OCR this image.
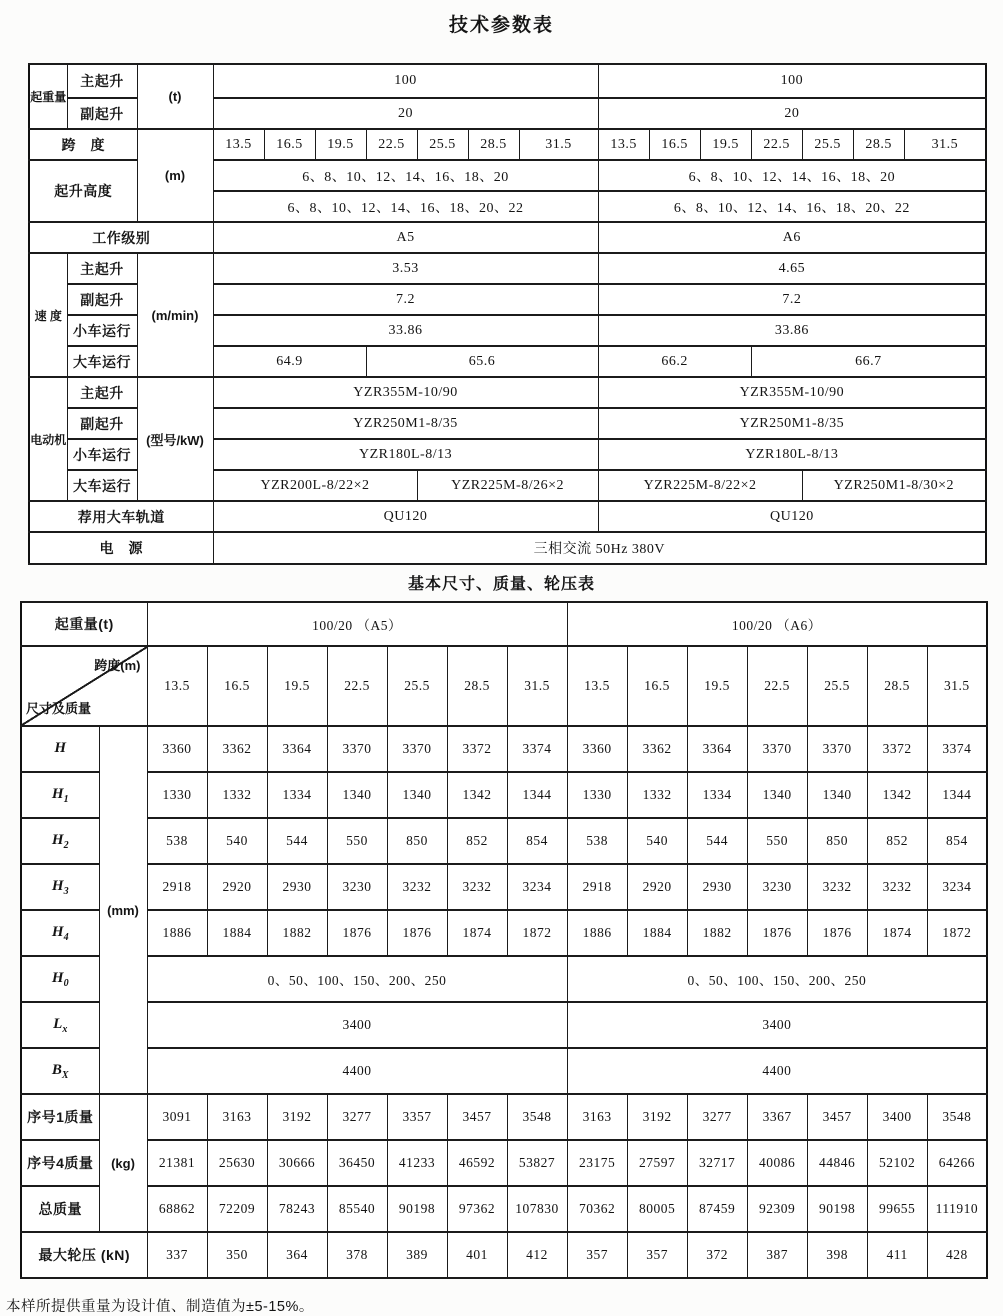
技术参数表
起重量	主起升	(t)	100							100						
	副起升		20							20						
跨　度		(m)	13.5	16.5	19.5	22.5	25.5	28.5	31.5	13.5	16.5	19.5	22.5	25.5	28.5	31.5
起升高度			6、8、10、12、14、16、18、20							6、8、10、12、14、16、18、20						
			6、8、10、12、14、16、18、20、22							6、8、10、12、14、16、18、20、22						
工作级别			A5							A6						
速 度	主起升	(m/min)	3.53							4.65						
	副起升		7.2							7.2						
	小车运行		33.86							33.86						
	大车运行		64.9			65.6				66.2			66.7			
电动机	主起升	(型号/kW)	YZR355M-10/90							YZR355M-10/90						
	副起升		YZR250M1-8/35							YZR250M1-8/35						
	小车运行		YZR180L-8/13							YZR180L-8/13						
	大车运行		YZR200L-8/22×2				YZR225M-8/26×2			YZR225M-8/22×2				YZR250M1-8/30×2		
荐用大车轨道			QU120							QU120						
电　源			三相交流 50Hz 380V													
基本尺寸、质量、轮压表
起重量(t)		100/20 （A5）							100/20 （A6）						

跨度(m)
尺寸及质量		13.5	16.5	19.5	22.5	25.5	28.5	31.5	13.5	16.5	19.5	22.5	25.5	28.5	31.5
H	(mm)	3360	3362	3364	3370	3370	3372	3374	3360	3362	3364	3370	3370	3372	3374
$H_1$		1330	1332	1334	1340	1340	1342	1344	1330	1332	1334	1340	1340	1342	1344
$H_2$		538	540	544	550	850	852	854	538	540	544	550	850	852	854
$H_3$		2918	2920	2930	3230	3232	3232	3234	2918	2920	2930	3230	3232	3232	3234
$H_4$		1886	1884	1882	1876	1876	1874	1872	1886	1884	1882	1876	1876	1874	1872
$H_0$		0、50、100、150、200、250							0、50、100、150、200、250						
$L_x$		3400							3400						
$B_X$		4400							4400						
序号1质量	(kg)	3091	3163	3192	3277	3357	3457	3548	3163	3192	3277	3367	3457	3400	3548
序号4质量		21381	25630	30666	36450	41233	46592	53827	23175	27597	32717	40086	44846	52102	64266
总质量		68862	72209	78243	85540	90198	97362	107830	70362	80005	87459	92309	90198	99655	111910
最大轮压 (kN)		337	350	364	378	389	401	412	357	357	372	387	398	411	428
本样所提供重量为设计值、制造值为±5-15%。
